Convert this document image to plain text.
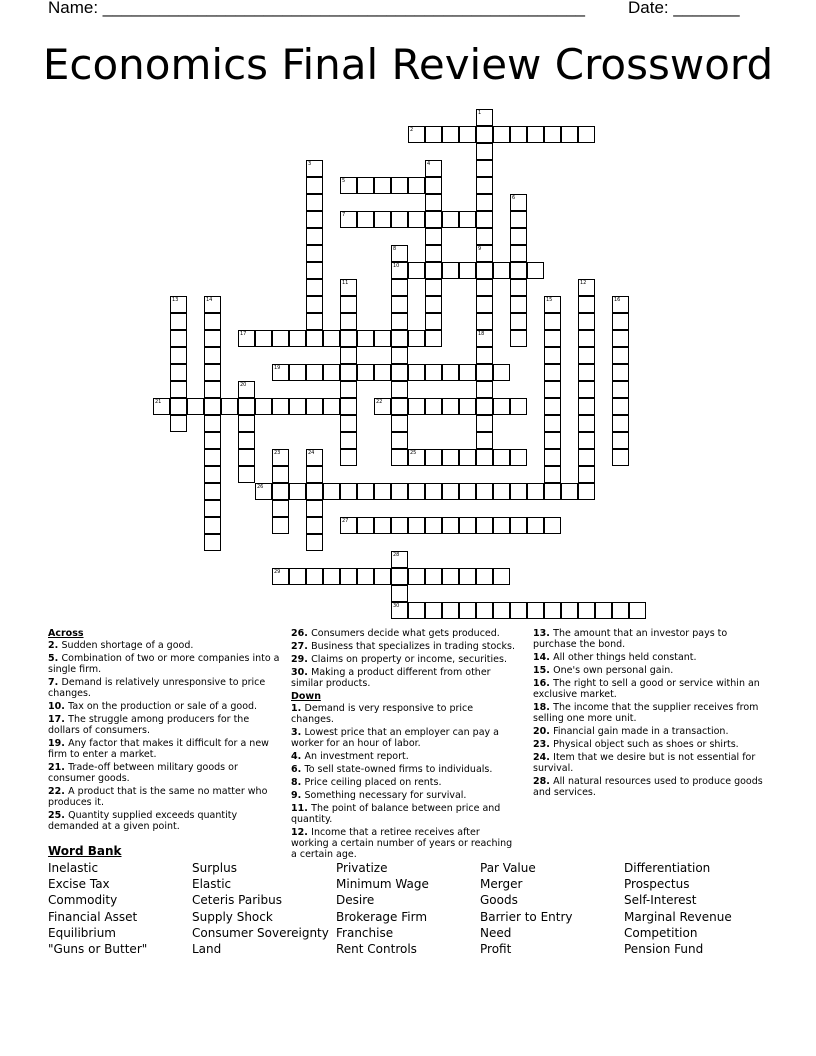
Name: ___________________________________________________	Date: _______
Economics Final Review Crossword
1
9
18
2
3	4
5
6
7
8
10
11	12
13	14	15	16
17
19
20
21	22
23	24	25
26
27
28
30
29
Across
2. Sudden shortage of a good.
5. Combination of two or more companies into a single firm.
7. Demand is relatively unresponsive to price changes.
10. Tax on the production or sale of a good.
17. The struggle among producers for the dollars of consumers.
19. Any factor that makes it difficult for a new firm to enter a market.
21. Trade-off between military goods or consumer goods.
22. A product that is the same no matter who produces it.
25. Quantity supplied exceeds quantity demanded at a given point.
26. Consumers decide what gets produced.
27. Business that specializes in trading stocks.
29. Claims on property or income, securities.
30. Making a product different from other similar products.
Down
1. Demand is very responsive to price changes.
3. Lowest price that an employer can pay a worker for an hour of labor.
4. An investment report.
6. To sell state-owned firms to individuals.
8. Price ceiling placed on rents.
9. Something necessary for survival.
11. The point of balance between price and quantity.
12. Income that a retiree receives after working a certain number of years or reaching a certain age.
13. The amount that an investor pays to purchase the bond.
14. All other things held constant.
15. One's own personal gain.
16. The right to sell a good or service within an exclusive market.
18. The income that the supplier receives from selling one more unit.
20. Financial gain made in a transaction.
23. Physical object such as shoes or shirts.
24. Item that we desire but is not essential for survival.
28. All natural resources used to produce goods and services.
Word Bank
Inelastic
Excise Tax
Commodity
Financial Asset
Equilibrium
"Guns or Butter"
Surplus
Elastic
Ceteris Paribus
Supply Shock
Consumer Sovereignty
Land
Privatize
Minimum Wage
Desire
Brokerage Firm
Franchise
Rent Controls
Par Value
Merger
Goods
Barrier to Entry
Need
Profit
Differentiation
Prospectus
Self-Interest
Marginal Revenue
Competition
Pension Fund
